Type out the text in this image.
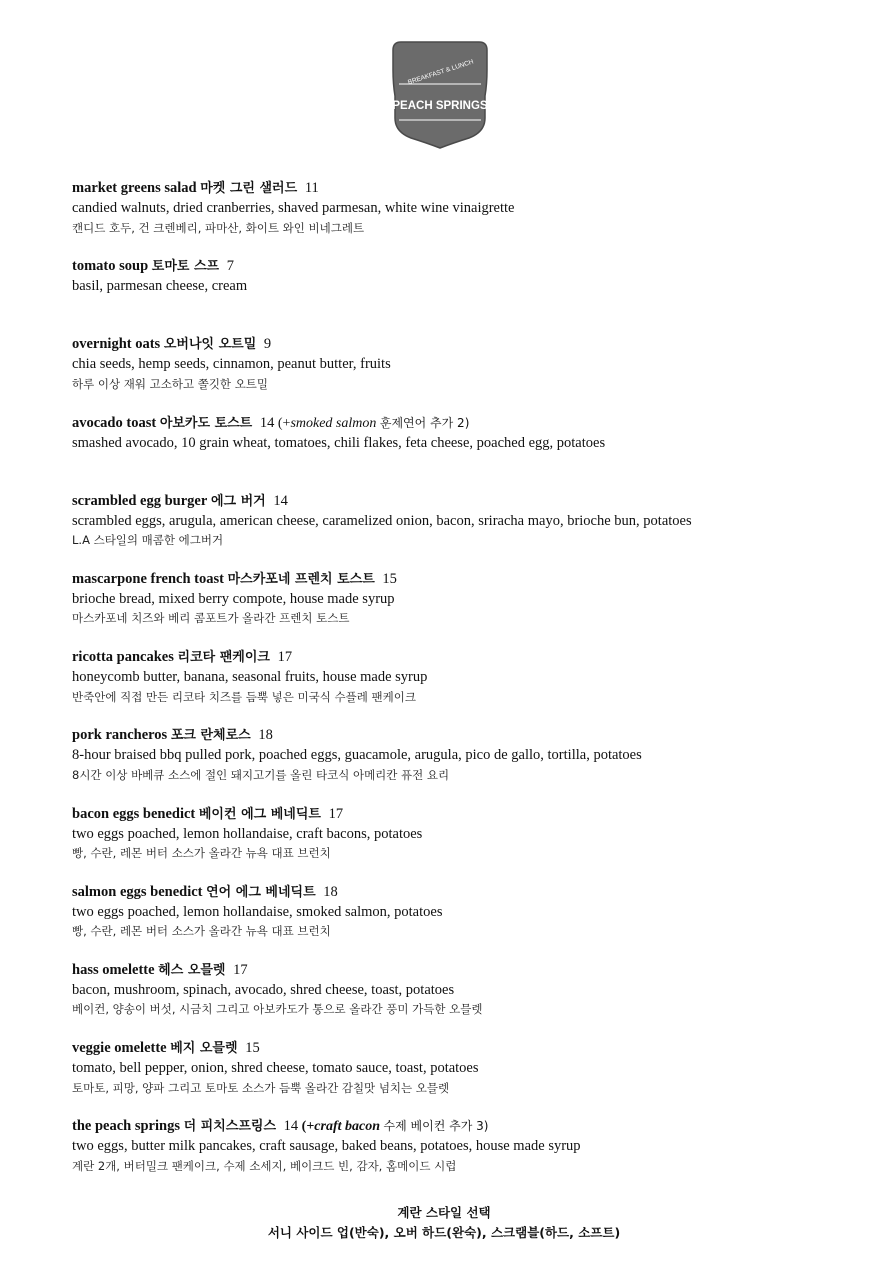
BREAKFAST & LUNCH
PEACH SPRINGS
market greens salad 마켓 그린 샐러드 11
candied walnuts, dried cranberries, shaved parmesan, white wine vinaigrette
캔디드 호두, 건 크렌베리, 파마산, 화이트 와인 비네그레트
tomato soup 토마토 스프 7
basil, parmesan cheese, cream
overnight oats 오버나잇 오트밀 9
chia seeds, hemp seeds, cinnamon, peanut butter, fruits
하루 이상 재워 고소하고 쫄깃한 오트밀
avocado toast 아보카도 토스트 14 (+smoked salmon 훈제연어 추가 2)
smashed avocado, 10 grain wheat, tomatoes, chili flakes, feta cheese, poached egg, potatoes
scrambled egg burger 에그 버거 14
scrambled eggs, arugula, american cheese, caramelized onion, bacon, sriracha mayo, brioche bun, potatoes
L.A 스타일의 매콤한 에그버거
mascarpone french toast 마스카포네 프렌치 토스트 15
brioche bread, mixed berry compote, house made syrup
마스카포네 치즈와 베리 콤포트가 올라간 프렌치 토스트
ricotta pancakes 리코타 팬케이크 17
honeycomb butter, banana, seasonal fruits, house made syrup
반죽안에 직접 만든 리코타 치즈를 듬뿍 넣은 미국식 수플레 팬케이크
pork rancheros 포크 란체로스 18
8-hour braised bbq pulled pork, poached eggs, guacamole, arugula, pico de gallo, tortilla, potatoes
8시간 이상 바베큐 소스에 절인 돼지고기를 올린 타코식 아메리칸 퓨전 요리
bacon eggs benedict 베이컨 에그 베네딕트 17
two eggs poached, lemon hollandaise, craft bacons, potatoes
빵, 수란, 레몬 버터 소스가 올라간 뉴욕 대표 브런치
salmon eggs benedict 연어 에그 베네딕트 18
two eggs poached, lemon hollandaise, smoked salmon, potatoes
빵, 수란, 레몬 버터 소스가 올라간 뉴욕 대표 브런치
hass omelette 헤스 오믈렛 17
bacon, mushroom, spinach, avocado, shred cheese, toast, potatoes
베이컨, 양송이 버섯, 시금치 그리고 아보카도가 통으로 올라간 풍미 가득한 오믈렛
veggie omelette 베지 오믈렛 15
tomato, bell pepper, onion, shred cheese, tomato sauce, toast, potatoes
토마토, 피망, 양파 그리고 토마토 소스가 듬뿍 올라간 감칠맛 넘치는 오믈렛
the peach springs 더 피치스프링스 14 (+craft bacon 수제 베이컨 추가 3)
two eggs, butter milk pancakes, craft sausage, baked beans, potatoes, house made syrup
계란 2개, 버터밀크 팬케이크, 수제 소세지, 베이크드 빈, 감자, 홈메이드 시럽
계란 스타일 선택
서니 사이드 업(반숙), 오버 하드(완숙), 스크램블(하드, 소프트)
